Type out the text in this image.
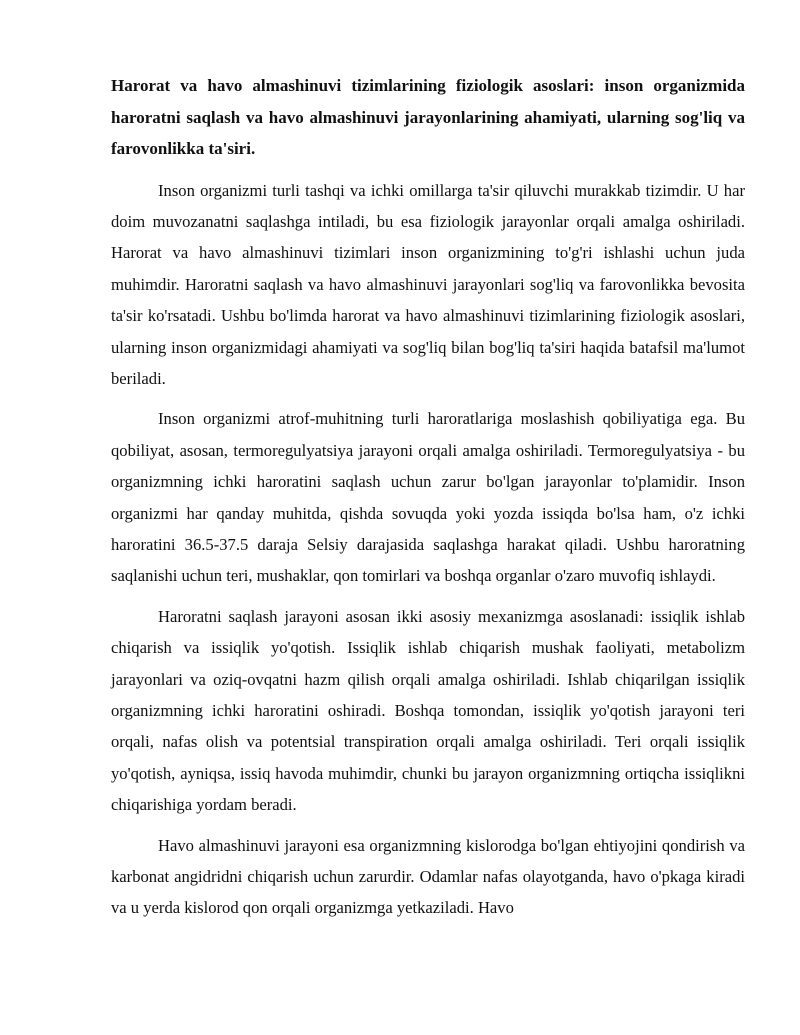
Harorat va havo almashinuvi tizimlarining fiziologik asoslari: inson organizmida haroratni saqlash va havo almashinuvi jarayonlarining ahamiyati, ularning sog'liq va farovonlikka ta'siri.

Inson organizmi turli tashqi va ichki omillarga ta'sir qiluvchi murakkab tizimdir. U har doim muvozanatni saqlashga intiladi, bu esa fiziologik jarayonlar orqali amalga oshiriladi. Harorat va havo almashinuvi tizimlari inson organizmining to'g'ri ishlashi uchun juda muhimdir. Haroratni saqlash va havo almashinuvi jarayonlari sog'liq va farovonlikka bevosita ta'sir ko'rsatadi. Ushbu bo'limda harorat va havo almashinuvi tizimlarining fiziologik asoslari, ularning inson organizmidagi ahamiyati va sog'liq bilan bog'liq ta'siri haqida batafsil ma'lumot beriladi.

Inson organizmi atrof-muhitning turli haroratlariga moslashish qobiliyatiga ega. Bu qobiliyat, asosan, termoregulyatsiya jarayoni orqali amalga oshiriladi. Termoregulyatsiya - bu organizmning ichki haroratini saqlash uchun zarur bo'lgan jarayonlar to'plamidir. Inson organizmi har qanday muhitda, qishda sovuqda yoki yozda issiqda bo'lsa ham, o'z ichki haroratini 36.5-37.5 daraja Selsiy darajasida saqlashga harakat qiladi. Ushbu haroratning saqlanishi uchun teri, mushaklar, qon tomirlari va boshqa organlar o'zaro muvofiq ishlaydi.

Haroratni saqlash jarayoni asosan ikki asosiy mexanizmga asoslanadi: issiqlik ishlab chiqarish va issiqlik yo'qotish. Issiqlik ishlab chiqarish mushak faoliyati, metabolizm jarayonlari va oziq-ovqatni hazm qilish orqali amalga oshiriladi. Ishlab chiqarilgan issiqlik organizmning ichki haroratini oshiradi. Boshqa tomondan, issiqlik yo'qotish jarayoni teri orqali, nafas olish va potentsial transpiration orqali amalga oshiriladi. Teri orqali issiqlik yo'qotish, ayniqsa, issiq havoda muhimdir, chunki bu jarayon organizmning ortiqcha issiqlikni chiqarishiga yordam beradi.

Havo almashinuvi jarayoni esa organizmning kislorodga bo'lgan ehtiyojini qondirish va karbonat angidridni chiqarish uchun zarurdir. Odamlar nafas olayotganda, havo o'pkaga kiradi va u yerda kislorod qon orqali organizmga yetkaziladi. Havo
